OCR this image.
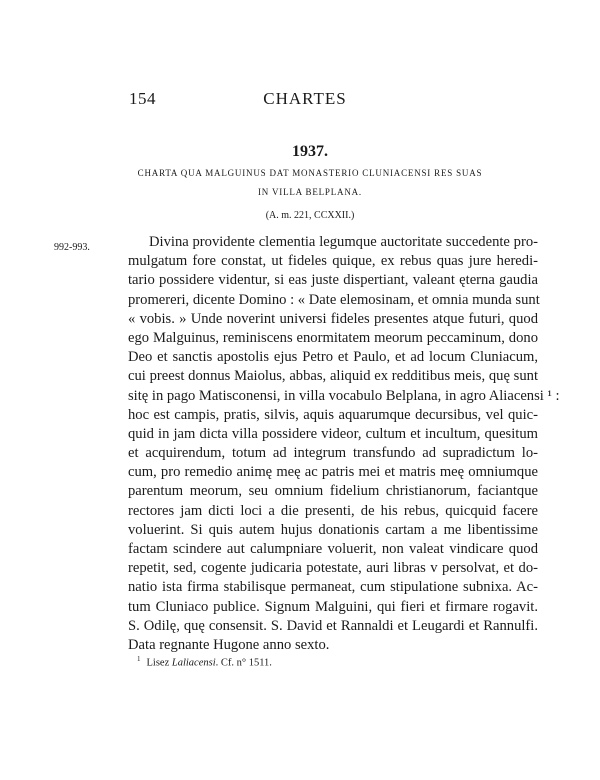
154	CHARTES
1937.
CHARTA QUA MALGUINUS DAT MONASTERIO CLUNIACENSI RES SUAS
IN VILLA BELPLANA.
(A. m. 221, CCXXII.)
992-993.	Divina providente clementia legumque auctoritate succedente pro-
mulgatum fore constat, ut fideles quique, ex rebus quas jure heredi-
tario possidere videntur, si eas juste dispertiant, valeant ęterna gaudia
promereri, dicente Domino : « Date elemosinam, et omnia munda sunt
« vobis. » Unde noverint universi fideles presentes atque futuri, quod
ego Malguinus, reminiscens enormitatem meorum peccaminum, dono
Deo et sanctis apostolis ejus Petro et Paulo, et ad locum Cluniacum,
cui preest donnus Maiolus, abbas, aliquid ex redditibus meis, quę sunt
sitę in pago Matisconensi, in villa vocabulo Belplana, in agro Aliacensi ¹ :
hoc est campis, pratis, silvis, aquis aquarumque decursibus, vel quic-
quid in jam dicta villa possidere videor, cultum et incultum, quesitum
et acquirendum, totum ad integrum transfundo ad supradictum lo-
cum, pro remedio animę meę ac patris mei et matris meę omniumque
parentum meorum, seu omnium fidelium christianorum, faciantque
rectores jam dicti loci a die presenti, de his rebus, quicquid facere
voluerint. Si quis autem hujus donationis cartam a me libentissime
factam scindere aut calumpniare voluerit, non valeat vindicare quod
repetit, sed, cogente judicaria potestate, auri libras v persolvat, et do-
natio ista firma stabilisque permaneat, cum stipulatione subnixa. Ac-
tum Cluniaco publice. Signum Malguini, qui fieri et firmare rogavit.
S. Odilę, quę consensit. S. David et Rannaldi et Leugardi et Rannulfi.
Data regnante Hugone anno sexto.
$^1$ Lisez Laliacensi. Cf. n° 1511.
